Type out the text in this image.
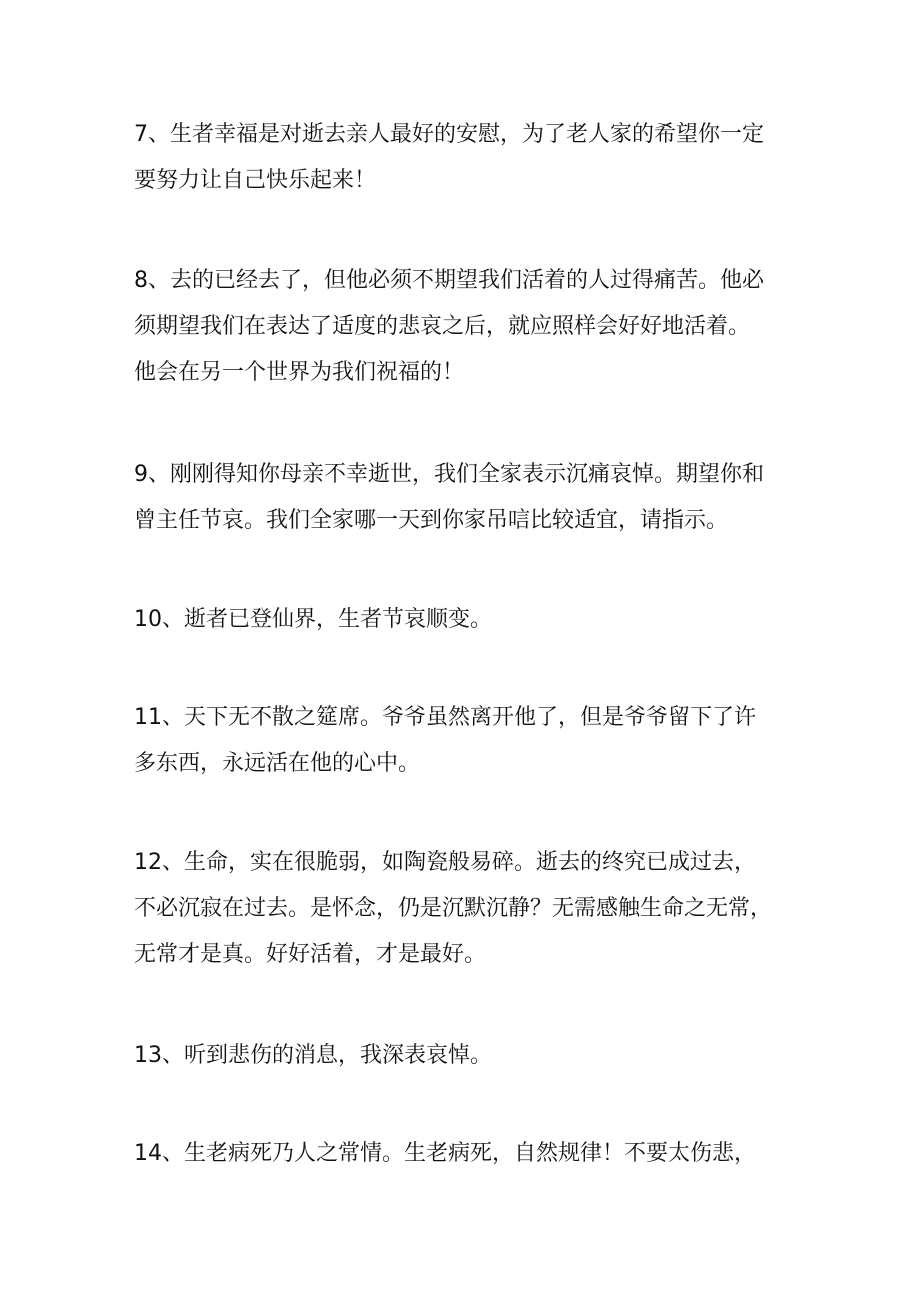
7、生者幸福是对逝去亲人最好的安慰，为了老人家的希望你一定
要努力让自己快乐起来！

8、去的已经去了，但他必须不期望我们活着的人过得痛苦。他必
须期望我们在表达了适度的悲哀之后，就应照样会好好地活着。
他会在另一个世界为我们祝福的！

9、刚刚得知你母亲不幸逝世，我们全家表示沉痛哀悼。期望你和
曾主任节哀。我们全家哪一天到你家吊唁比较适宜，请指示。

10、逝者已登仙界，生者节哀顺变。

11、天下无不散之筵席。爷爷虽然离开他了，但是爷爷留下了许
多东西，永远活在他的心中。

12、生命，实在很脆弱，如陶瓷般易碎。逝去的终究已成过去，
不必沉寂在过去。是怀念，仍是沉默沉静？无需感触生命之无常，
无常才是真。好好活着，才是最好。

13、听到悲伤的消息，我深表哀悼。

14、生老病死乃人之常情。生老病死，自然规律！不要太伤悲，
